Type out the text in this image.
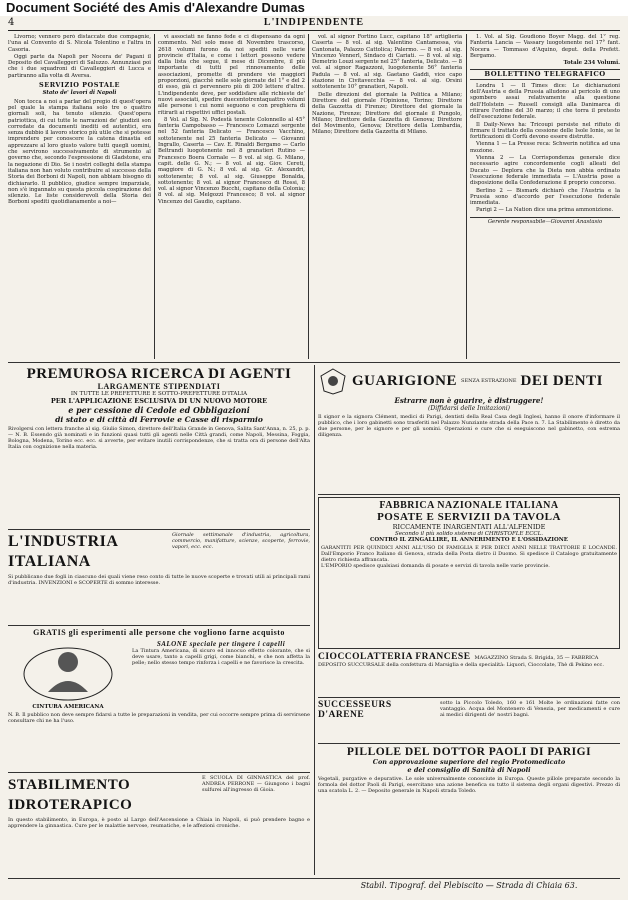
Document Société des Amis d'Alexandre Dumas
4	L'INDIPENDENTE

Livorno; vennero però distaccate due compagnie, l'una al Convento di S. Nicola Tolentino e l'altra in Casoria.

Oggi parte da Napoli per Nocera de' Pagani il Deposito del Cavalleggeri di Saluzzo. Annunziasi poi che i due squadroni di Cavalleggieri di Lucca e partiranno alla volta di Aversa.

SERVIZIO POSTALE
Stato de' lavori di Napoli

Non tocca a noi a parlar del pregio di quest'opera pel quale la stampa italiana solo tre o quattro giornali soli, ha tenuto silenzio. Quest'opera patriottica, di cui tutte le narrazioni de' giudizii son corredate da documenti inediti ed autentici, era senza dubbio il lavoro storico più utile che si potesse imprendere per conoscere la catena dinastia ed apprezzare al loro giusto valore tutti quegli uomini, che servirono successivamente di strumento al governo che, secondo l'espressione di Gladstone, era la negazione di Dio. Se i nostri colleghi della stampa italiana non han voluto contribuire al successo della Storia dei Borboni di Napoli, non abbiam bisogno di dichiararlo. Il pubblico, giudice sempre imparziale, non s'è ingannato su questa piccola cospirazione del silenzio. Le liste considerevoli della Storia dei Borboni spediti quotidianamente a noi—

vi associati ne fanno fede e ci dispensano da ogni commento. Nel solo mese di Novembre trascorso, 2618 volumi furono da noi spediti nelle varie provincie d'Italia, e come i lettori possono vedere dalla lista che segue, il mese di Dicembre, il più importante di tutti pel rinnovamento delle associazioni, promette di prendere vie maggiori proporzioni, giacchè nelle sole giornate del 1° e del 2 di esso, già ci pervennero più di 200 lettere d'altre. L'indipendente deve, per soddisfare alle richieste de' nuovi associati, spedire duecentotrentaquattro volumi alle persone i cui nomi seguono e con preghiera di ritirarli ai rispettivi uffici postali.

8 Vol. al Sig. N. Podestà tenente Colonnello al 45° fanteria Campobasso — Francesco Lomazzi sergente nel 52 fanteria Delicato — Francesco Vacchino, sottotenente nel 25 fanteria Delicato — Giovanni Ingrallo, Caserta — Cav. E. Rinaldi Bergamo — Carlo Beltrandi luogotenente nel 8 granatieri Rutino — Francesco Boera Cornale — 8 vol. al sig. G. Milano, capit. delle G. N.; — 8 vol. al sig. Giov. Cereti, maggiore di G. N.; 8 vol. al sig. Gr. Alexandri, sottotenente; 8 vol. al sig. Giuseppe Bonalda, sottotenente; 8 vol. al signor Francesco di Rossi, 8 vol. al signor Vincenzo Bucchi, capitano della Colonia; 8 vol. al sig. Melgozzi Francesco; 8 vol. al signor Vincenzo del Gaudio, capitano.

vol. al signor Fortino Lucc, capitano 18° artiglieria Caserta — 8 vol. al sig. Valentino Cantamessa, via Cantonata, Palazzo Cattolica; Palermo. — 8 vol. al sig. Vincenzo Vennerl, Sindaco di Cariati. — 8 vol. al sig. Demetrio Louzi sergente nel 25° fanteria, Delicato. — 8 vol. al signor Ragazzoni, luogotenente 56° fanteria Padula — 8 vol. al sig. Gaetano Gaddi, vice capo stazione in Civitavecchia — 8 vol. al sig. Orsini sottotenente 10° granatieri, Napoli.

Delle direzioni del giornale la Politica a Milano; Direttore del giornale l'Opinione, Torino; Direttore della Gazzetta di Firenze; Direttore del giornale la Nazione, Firenze; Direttore del giornale il Pungolo, Milano; Direttore della Gazzetta di Genova; Direttore del Movimento, Genova; Direttore della Lombardia, Milano; Direttore della Gazzetta di Milano.

1. Vol. al Sig. Goudiono Boyer Magg. del 1° reg. Fanteria Lancia — Vassary luogotenente nel 17° fant. Nocera — Tommaso d'Aquino, deput. della Prefett. Bergamo.

Totale 234 Volumi.
BOLLETTINO TELEGRAFICO

Londra 1 — Il Times dice: Le dichiarazioni dell'Austria e della Prussia alludono al pericolo di uno sgombero assai relativamente alla questione dell'Holstein — Russell consigli alla Danimarca di ritirare l'ordine del 30 marzo; il che torra il pretesto dell'esecuzione federale.

Il Daily-News ha: Tricoupi persiste nel rifiuto di firmare il trattato della cessione delle Isole Ionie, se le fortificazioni di Corfù devono essere distrutte.

Vienna 1 — La Presse reca: Schwerin notifica ad una mozione.

Vienna 2 — La Corrispondenza generale dice necessario agire concordemente cogli alleati del Ducato — Deplora che la Dieta non abbia ordinato l'esecuzione federale immediata — L'Austria pose a disposizione della Confederazione il proprio concorso.

Berlino 2 — Bismark dichiarò che l'Austria e la Prussia sono d'accordo per l'esecuzione federale immediata.

Parigi 2 — La Nation dice una prima ammonizione.

Gerente responsabile—Giovanni Anastasio
PREMUROSA RICERCA DI AGENTI
LARGAMENTE STIPENDIATI
IN TUTTE LE PREFETTURE E SOTTO-PREFETTURE D'ITALIA
PER L'APPLICAZIONE ESCLUSIVA DI UN NUOVO MOTORE
e per cessione di Cedole ed Obbligazioni
di stato e di città di Ferrovie e Casse di risparmio
Rivolgersi con lettera franche al sig. Giulio Simon, direttore dell'Italia Grande in Genova, Salita Sant'Anna, n. 25, p. p. — N. B. Essendo già nominati e in funzioni quasi tutti gli agenti nelle Città grandi, come Napoli, Messina, Foggia, Bologna, Modena, Torino ecc. ecc. si avverte, per evitare inutili corrispondenze, che si tratta ora di persone dell'Alta Italia con cognizione nella materia.
L'INDUSTRIA ITALIANA
Giornale settimanale d'industria, agricoltura, commercio, manifatture, scienze, scoperte, ferrovie, vapori, ecc. ecc.
Si pubblicano due fogli in ciascuno dei quali viene reso conto di tutte le nuove scoperte e trovati utili ai principali rami d'industria. INVENZIONI e SCOPERTE di sommo interesse.
GRATIS gli esperimenti alle persone che vogliono farne acquisto
CINTURA AMERICANA
SALONE speciale per tingere i capelli
La Tintura Americana, di sicuro ed innocuo effetto colorante, che si deve usare, tanto a capelli grigi, come bianchi, e che non affetta la pelle; nello stesso tempo rinforza i capelli e ne favorisce la crescita.
N. B. Il pubblico non deve sempre fidarsi a tutte le preparazioni in vendita, per cui occorre sempre prima di servirsene consultare chi ne ha l'uso.
STABILIMENTO IDROTERAPICO
E SCUOLA DI GINNASTICA del prof. ANDREA PERRONE — Giungono i bagni sulfurei all'ingresso di Gioia.
In questo stabilimento, in Europa, è posto al Largo dell'Ascensione a Chiaia in Napoli, si può prendere bagno e apprendere la ginnastica. Cure per le malattie nervose, reumatiche, e le affezioni croniche.
GUARIGIONE SENZA ESTRAZIONE DEI DENTI
Estrarre non è guarire, è distruggere!
(Diffidarsi delle Imitazioni)
Il signor e la signora Clément, medici di Parigi, dentisti della Real Casa degli Inglesi, hanno il onore d'informare il pubblico, che i loro gabinetti sono trasferiti nel Palazzo Nunziante strada della Pace n. 7. La Stabilimento è diretto da due persone, per le signore e per gli uomini. Operazioni e cure che si eseguiscono nel gabinetto, con estrema diligenza.
FABBRICA NAZIONALE ITALIANA
POSATE E SERVIZII DA TAVOLA
RICCAMENTE INARGENTATI ALL'ALFENIDE
Secondo il più solido sistema di CHRISTOFLE ECCL.
CONTRO IL ZINGALLIRE, IL ANNERIMENTO E L'OSSIDAZIONE
GARANTITI PER QUINDICI ANNI ALL'USO DI FAMIGLIA E PER DIECI ANNI NELLE TRATTORIE E LOCANDE. Dall'Emporio Franco Italiano di Genova, strada della Posta dietro il Duomo. Si spedisce il Catalogo gratuitamente dietro richiesta affrancata.
L'EMPORIO spedisce qualsiasi domanda di posate e servizi di tavola nelle varie provincie.
CIOCCOLATTERIA FRANCESE MAGAZZINO Strada S. Brigida, 35 — FABBRICA
DEPOSITO SUCCURSALE della confettura di Marsiglia e della specialità: Liquori, Cioccolate, Thè di Pekino ecc.
SUCCESSEURS D'ARENE
sotto la Piccolo Toledo, 160 e 161 Molte le ordinazioni fatte con vantaggio. Acqua del Montenero di Venezia, per medicamenti e cure ai medici dirigenti de' nostri bagni.
PILLOLE DEL DOTTOR PAOLI DI PARIGI
Con approvazione superiore del regio Protomedicato
e del consiglio di Sanità di Napoli
Vegetali, purgative e depurative. Le sole universalmente conosciute in Europa. Queste pillole preparate secondo la formola del dottor Paoli di Parigi, esercitano una azione benefica su tutto il sistema degli organi digestivi. Prezzo di una scatola L. 2. — Deposito generale in Napoli strada Toledo.
Stabil. Tipograf. del Plebiscito — Strada di Chiaia 63.
